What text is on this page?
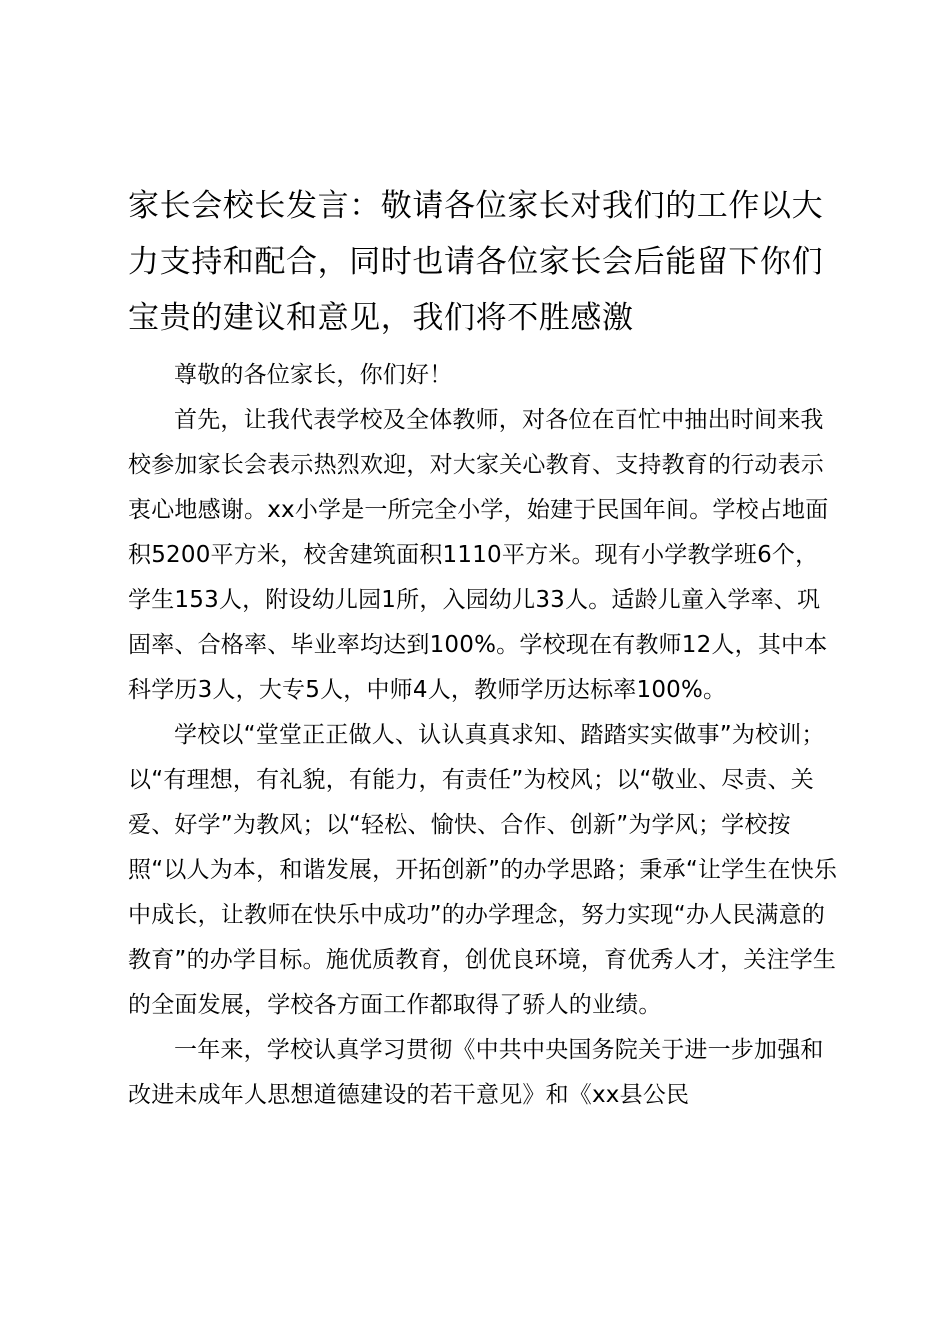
家长会校长发言：敬请各位家长对我们的工作以大力支持和配合，同时也请各位家长会后能留下你们宝贵的建议和意见，我们将不胜感激

尊敬的各位家长，你们好！

首先，让我代表学校及全体教师，对各位在百忙中抽出时间来我校参加家长会表示热烈欢迎，对大家关心教育、支持教育的行动表示衷心地感谢。xx小学是一所完全小学，始建于民国年间。学校占地面积5200平方米，校舍建筑面积1110平方米。现有小学教学班6个，学生153人，附设幼儿园1所，入园幼儿33人。适龄儿童入学率、巩固率、合格率、毕业率均达到100%。学校现在有教师12人，其中本科学历3人，大专5人，中师4人，教师学历达标率100%。

学校以“堂堂正正做人、认认真真求知、踏踏实实做事”为校训；以“有理想，有礼貌，有能力，有责任”为校风；以“敬业、尽责、关爱、好学”为教风；以“轻松、愉快、合作、创新”为学风；学校按照“以人为本，和谐发展，开拓创新”的办学思路；秉承“让学生在快乐中成长，让教师在快乐中成功”的办学理念，努力实现“办人民满意的教育”的办学目标。施优质教育，创优良环境，育优秀人才，关注学生的全面发展，学校各方面工作都取得了骄人的业绩。

一年来，学校认真学习贯彻《中共中央国务院关于进一步加强和改进未成年人思想道德建设的若干意见》和《xx县公民
